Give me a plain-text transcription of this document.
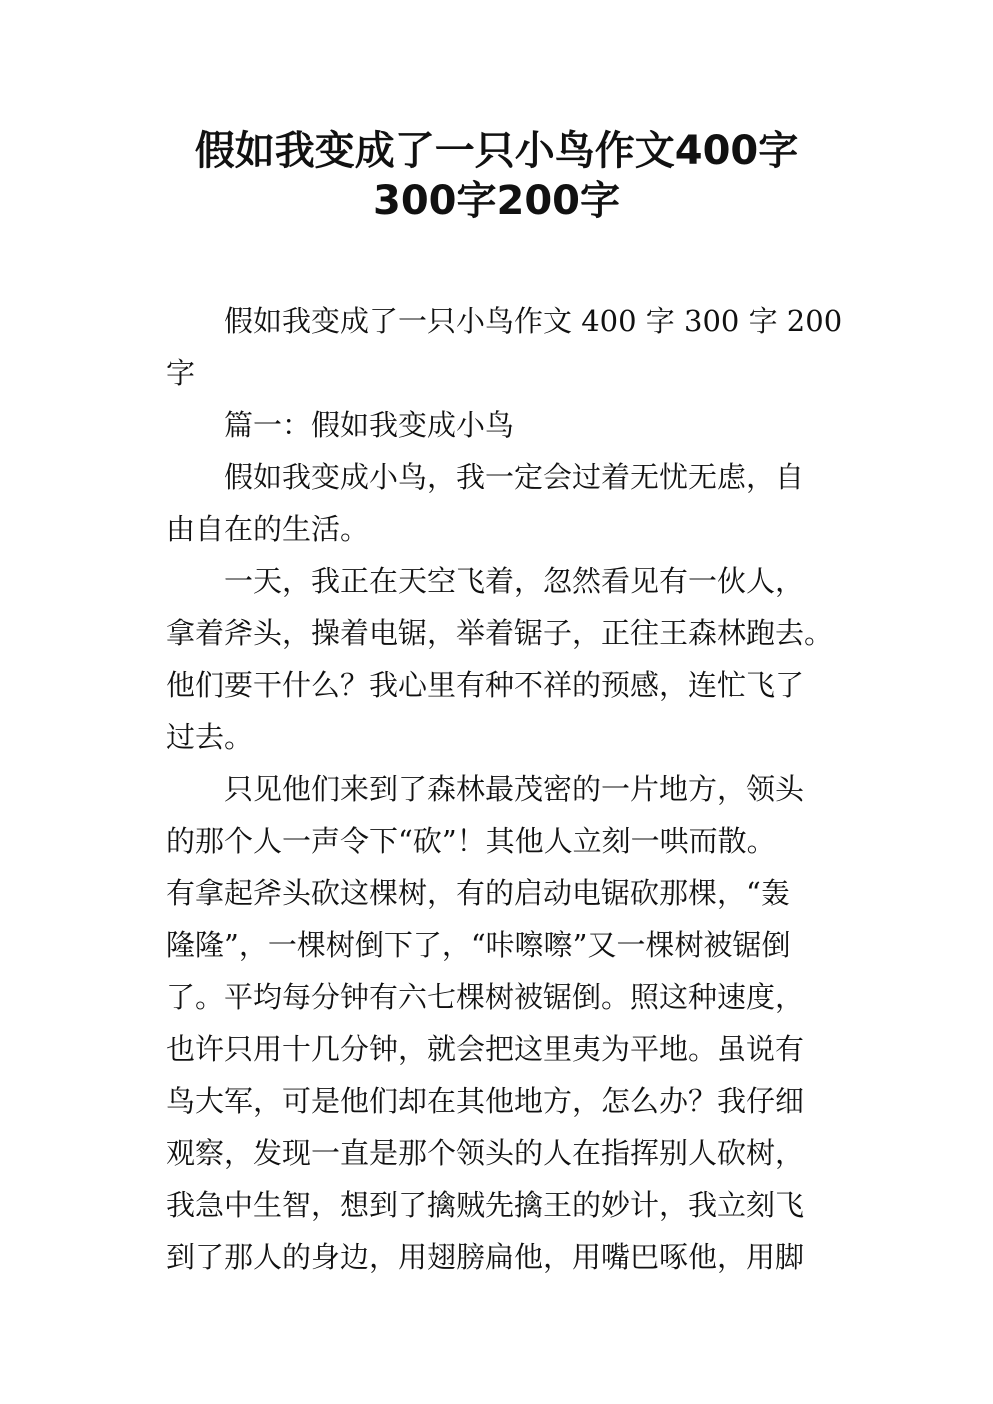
假如我变成了一只小鸟作文400字
300字200字
　　假如我变成了一只小鸟作文 400 字 300 字 200
字
　　篇一：假如我变成小鸟
　　假如我变成小鸟，我一定会过着无忧无虑，自
由自在的生活。
　　一天，我正在天空飞着，忽然看见有一伙人，
拿着斧头，操着电锯，举着锯子，正往王森林跑去。
他们要干什么？我心里有种不祥的预感，连忙飞了
过去。
　　只见他们来到了森林最茂密的一片地方，领头
的那个人一声令下“砍”！其他人立刻一哄而散。
有拿起斧头砍这棵树，有的启动电锯砍那棵，“轰
隆隆”，一棵树倒下了，“咔嚓嚓”又一棵树被锯倒
了。平均每分钟有六七棵树被锯倒。照这种速度，
也许只用十几分钟，就会把这里夷为平地。虽说有
鸟大军，可是他们却在其他地方，怎么办？我仔细
观察，发现一直是那个领头的人在指挥别人砍树，
我急中生智，想到了擒贼先擒王的妙计，我立刻飞
到了那人的身边，用翅膀扁他，用嘴巴啄他，用脚
